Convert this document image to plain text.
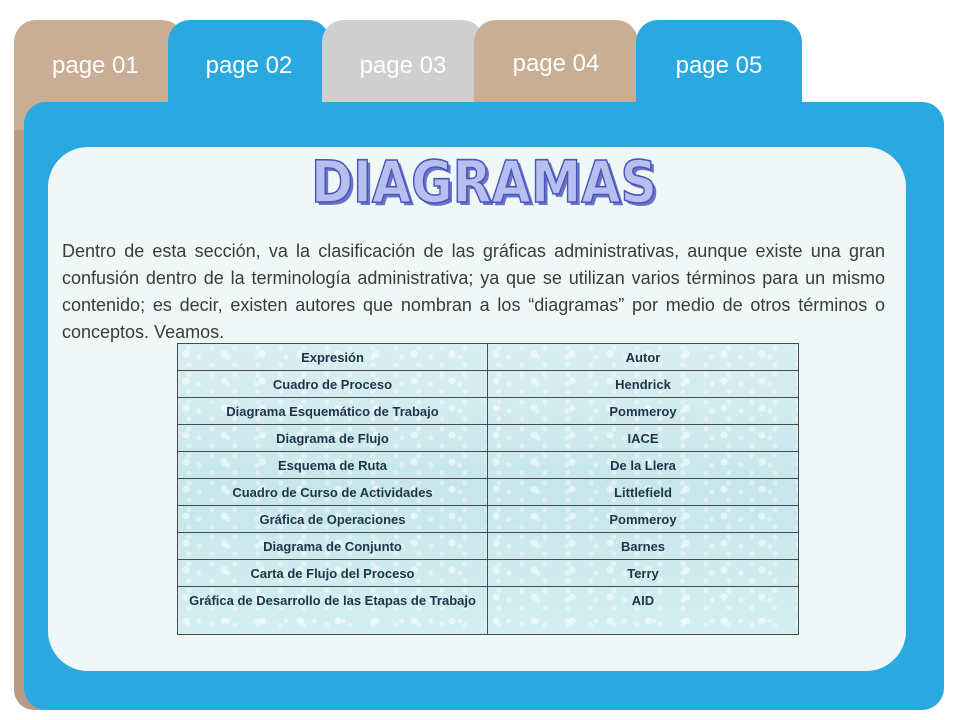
page 01	page 02	page 03	page 04	page 05
DIAGRAMAS
DIAGRAMAS

Dentro de esta sección, va la clasificación de las gráficas administrativas, aunque existe una gran confusión dentro de la terminología administrativa; ya que se utilizan varios términos para un mismo contenido; es decir, existen autores que nombran a los “diagramas” por medio de otros términos o conceptos. Veamos.

Expresión	Autor
Cuadro de Proceso	Hendrick
Diagrama Esquemático de Trabajo	Pommeroy
Diagrama de Flujo	IACE
Esquema de Ruta	De la Llera
Cuadro de Curso de Actividades	Littlefield
Gráfica de Operaciones	Pommeroy
Diagrama de Conjunto	Barnes
Carta de Flujo del Proceso	Terry
Gráfica de Desarrollo de las Etapas de Trabajo	AID
